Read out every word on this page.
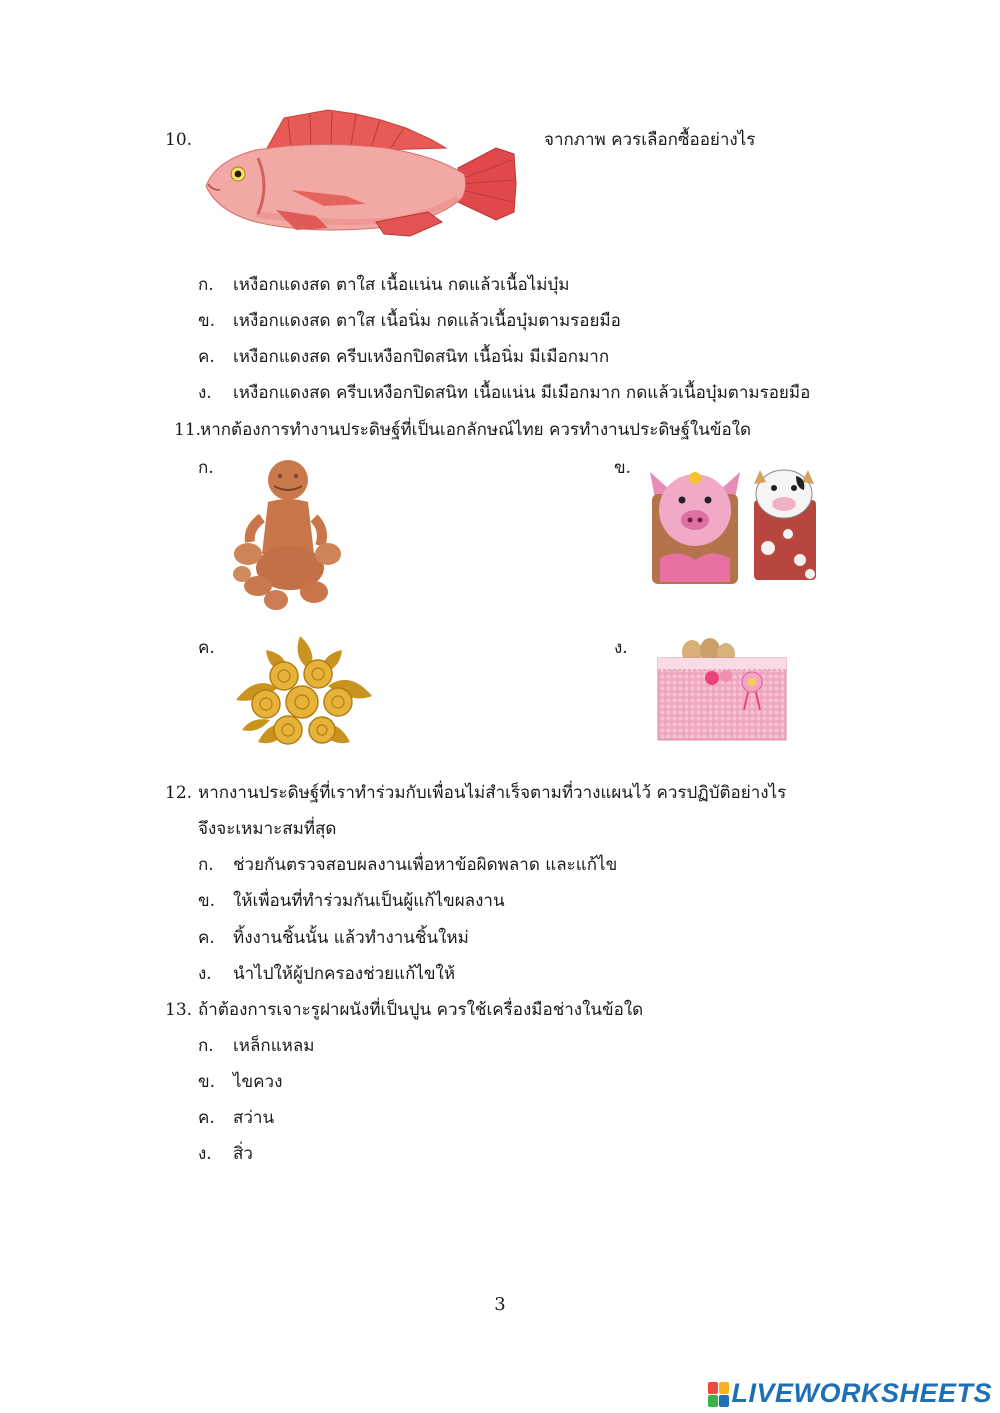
10.	จากภาพ ควรเลือกซื้ออย่างไร
ก. เหงือกแดงสด ตาใส เนื้อแน่น กดแล้วเนื้อไม่บุ๋ม
ข. เหงือกแดงสด ตาใส เนื้อนิ่ม กดแล้วเนื้อบุ๋มตามรอยมือ
ค. เหงือกแดงสด ครีบเหงือกปิดสนิท เนื้อนิ่ม มีเมือกมาก
ง. เหงือกแดงสด ครีบเหงือกปิดสนิท เนื้อแน่น มีเมือกมาก กดแล้วเนื้อบุ๋มตามรอยมือ
11.
หากต้องการทำงานประดิษฐ์ที่เป็นเอกลักษณ์ไทย ควรทำงานประดิษฐ์ในข้อใด
ก.	ข.
ค.	ง.
12. หากงานประดิษฐ์ที่เราทำร่วมกับเพื่อนไม่สำเร็จตามที่วางแผนไว้ ควรปฏิบัติอย่างไร
จึงจะเหมาะสมที่สุด
ก. ช่วยกันตรวจสอบผลงานเพื่อหาข้อผิดพลาด และแก้ไข
ข. ให้เพื่อนที่ทำร่วมกันเป็นผู้แก้ไขผลงาน
ค. ทิ้งงานชิ้นนั้น แล้วทำงานชิ้นใหม่
ง. นำไปให้ผู้ปกครองช่วยแก้ไขให้
13. ถ้าต้องการเจาะรูฝาผนังที่เป็นปูน ควรใช้เครื่องมือช่างในข้อใด
ก. เหล็กแหลม
ข. ไขควง
ค. สว่าน
ง. สิ่ว
3
LIVEWORKSHEETS
